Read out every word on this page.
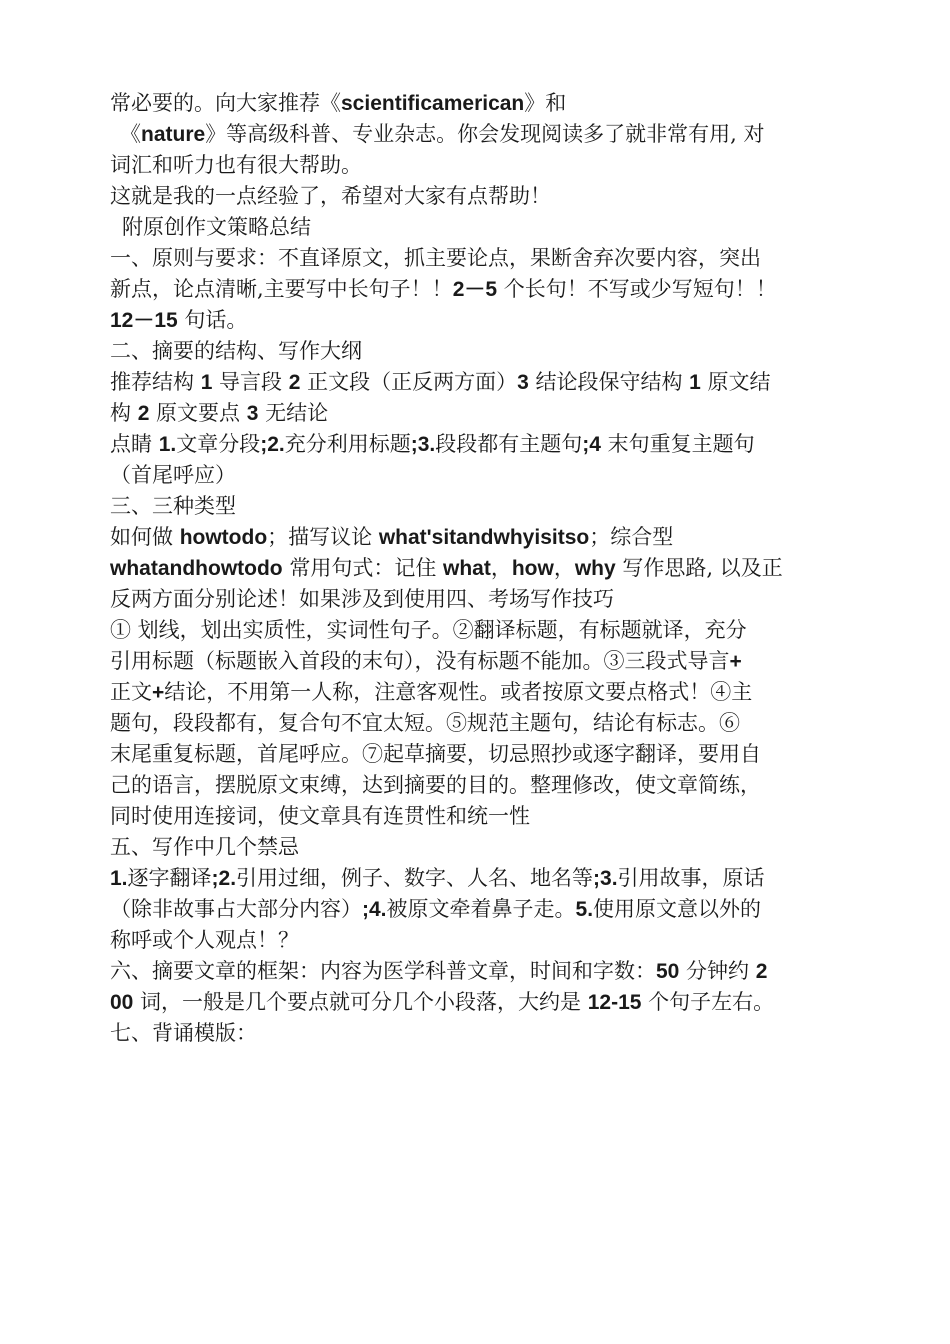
常必要的。向大家推荐《scientificamerican》和
《nature》等高级科普、专业杂志。你会发现阅读多了就非常有用, 对
词汇和听力也有很大帮助。
这就是我的一点经验了，希望对大家有点帮助！
附原创作文策略总结
一、原则与要求：不直译原文，抓主要论点，果断舍弃次要内容，突出
新点，论点清晰,主要写中长句子！！2－5 个长句！不写或少写短句！！
12－15 句话。
二、摘要的结构、写作大纲
推荐结构 1 导言段 2 正文段（正反两方面）3 结论段保守结构 1 原文结
构 2 原文要点 3 无结论
点睛 1.文章分段;2.充分利用标题;3.段段都有主题句;4 末句重复主题句
（首尾呼应）
三、三种类型
如何做 howtodo；描写议论 what'sitandwhyisitso；综合型
whatandhowtodo 常用句式：记住 what，how，why 写作思路, 以及正
反两方面分别论述！如果涉及到使用四、考场写作技巧
① 划线，划出实质性，实词性句子。②翻译标题，有标题就译，充分
引用标题（标题嵌入首段的末句），没有标题不能加。③三段式导言+
正文+结论，不用第一人称，注意客观性。或者按原文要点格式！④主
题句，段段都有，复合句不宜太短。⑤规范主题句，结论有标志。⑥
末尾重复标题，首尾呼应。⑦起草摘要，切忌照抄或逐字翻译，要用自
己的语言，摆脱原文束缚，达到摘要的目的。整理修改，使文章简练，
同时使用连接词，使文章具有连贯性和统一性
五、写作中几个禁忌
1.逐字翻译;2.引用过细，例子、数字、人名、地名等;3.引用故事，原话
（除非故事占大部分内容）;4.被原文牵着鼻子走。5.使用原文意以外的
称呼或个人观点！？
六、摘要文章的框架：内容为医学科普文章，时间和字数：50 分钟约 2
00 词，一般是几个要点就可分几个小段落，大约是 12-15 个句子左右。
七、背诵模版：
